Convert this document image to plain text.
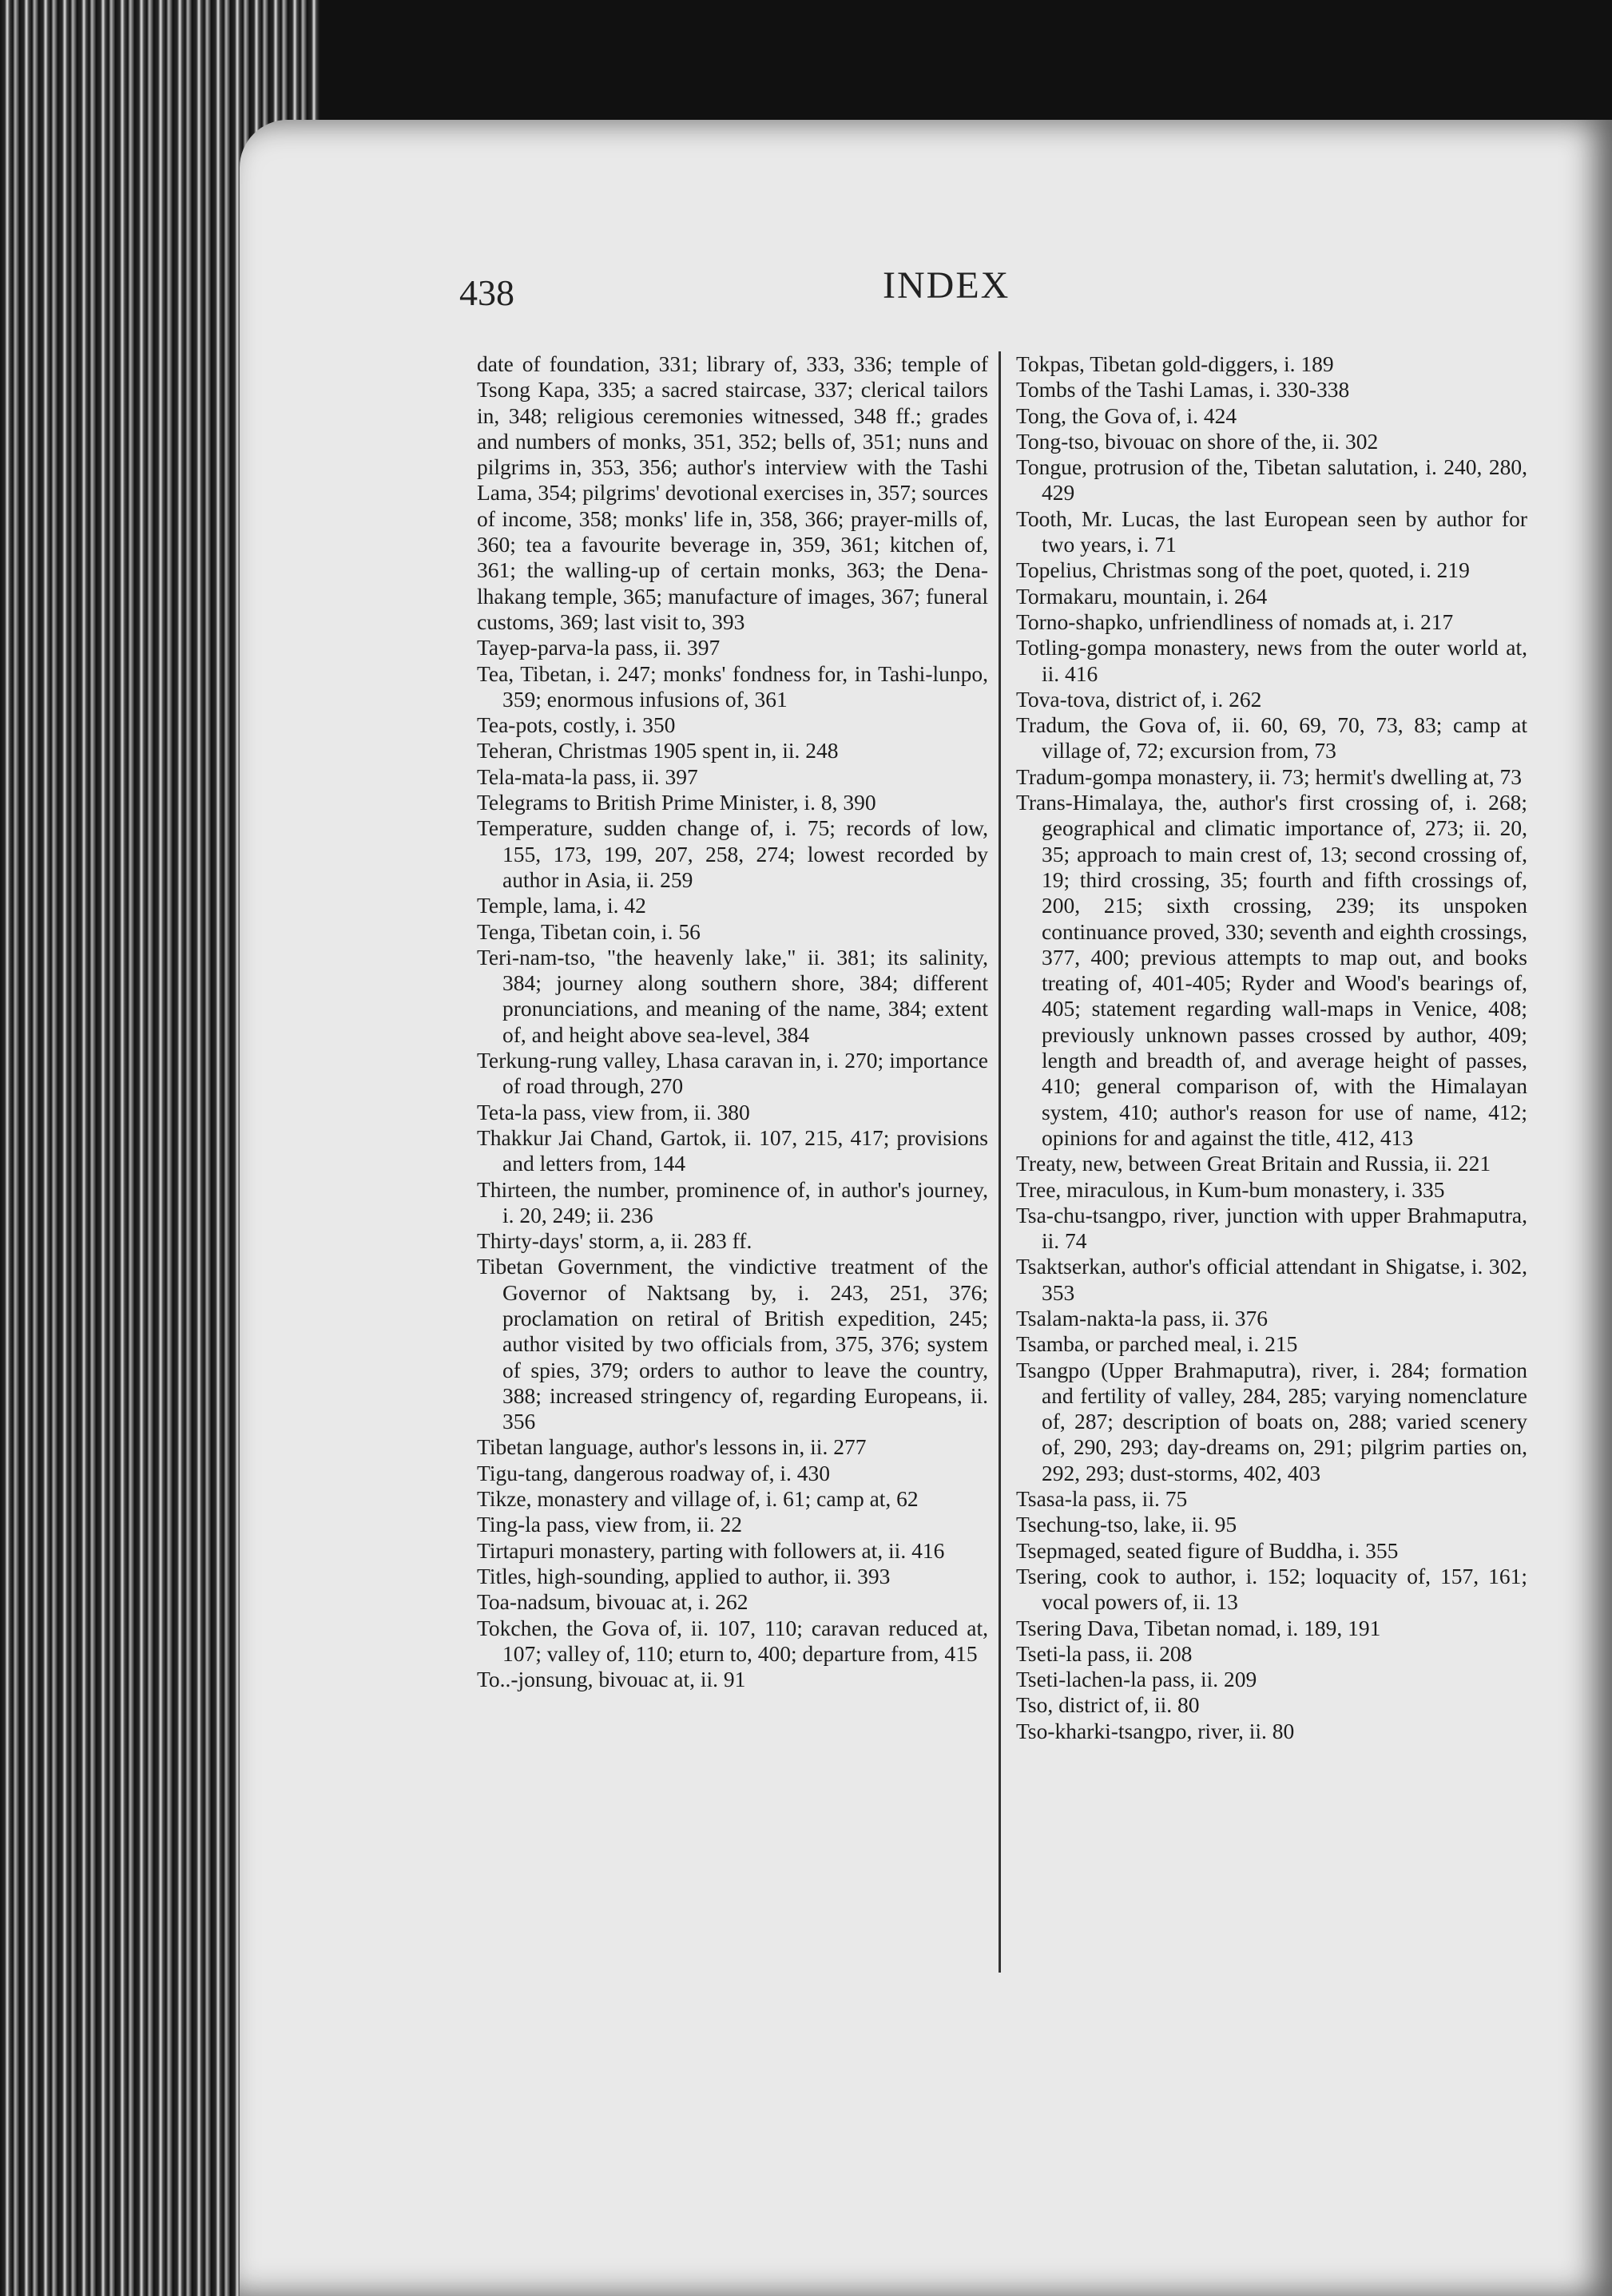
438	INDEX

date of foundation, 331; library of, 333, 336; temple of Tsong Kapa, 335; a sacred staircase, 337; clerical tailors in, 348; religious ceremonies witnessed, 348 ff.; grades and numbers of monks, 351, 352; bells of, 351; nuns and pilgrims in, 353, 356; author's interview with the Tashi Lama, 354; pilgrims' devotional exercises in, 357; sources of income, 358; monks' life in, 358, 366; prayer-mills of, 360; tea a favourite beverage in, 359, 361; kitchen of, 361; the walling-up of certain monks, 363; the Dena-lhakang temple, 365; manufacture of images, 367; funeral customs, 369; last visit to, 393

Tayep-parva-la pass, ii. 397

Tea, Tibetan, i. 247; monks' fondness for, in Tashi-lunpo, 359; enormous infusions of, 361

Tea-pots, costly, i. 350

Teheran, Christmas 1905 spent in, ii. 248

Tela-mata-la pass, ii. 397

Telegrams to British Prime Minister, i. 8, 390

Temperature, sudden change of, i. 75; records of low, 155, 173, 199, 207, 258, 274; lowest recorded by author in Asia, ii. 259

Temple, lama, i. 42

Tenga, Tibetan coin, i. 56

Teri-nam-tso, "the heavenly lake," ii. 381; its salinity, 384; journey along southern shore, 384; different pronunciations, and meaning of the name, 384; extent of, and height above sea-level, 384

Terkung-rung valley, Lhasa caravan in, i. 270; importance of road through, 270

Teta-la pass, view from, ii. 380

Thakkur Jai Chand, Gartok, ii. 107, 215, 417; provisions and letters from, 144

Thirteen, the number, prominence of, in author's journey, i. 20, 249; ii. 236

Thirty-days' storm, a, ii. 283 ff.

Tibetan Government, the vindictive treatment of the Governor of Naktsang by, i. 243, 251, 376; proclamation on retiral of British expedition, 245; author visited by two officials from, 375, 376; system of spies, 379; orders to author to leave the country, 388; increased stringency of, regarding Europeans, ii. 356

Tibetan language, author's lessons in, ii. 277

Tigu-tang, dangerous roadway of, i. 430

Tikze, monastery and village of, i. 61; camp at, 62

Ting-la pass, view from, ii. 22

Tirtapuri monastery, parting with followers at, ii. 416

Titles, high-sounding, applied to author, ii. 393

Toa-nadsum, bivouac at, i. 262

Tokchen, the Gova of, ii. 107, 110; caravan reduced at, 107; valley of, 110; eturn to, 400; departure from, 415

To..-jonsung, bivouac at, ii. 91

Tokpas, Tibetan gold-diggers, i. 189

Tombs of the Tashi Lamas, i. 330-338

Tong, the Gova of, i. 424

Tong-tso, bivouac on shore of the, ii. 302

Tongue, protrusion of the, Tibetan salutation, i. 240, 280, 429

Tooth, Mr. Lucas, the last European seen by author for two years, i. 71

Topelius, Christmas song of the poet, quoted, i. 219

Tormakaru, mountain, i. 264

Torno-shapko, unfriendliness of nomads at, i. 217

Totling-gompa monastery, news from the outer world at, ii. 416

Tova-tova, district of, i. 262

Tradum, the Gova of, ii. 60, 69, 70, 73, 83; camp at village of, 72; excursion from, 73

Tradum-gompa monastery, ii. 73; hermit's dwelling at, 73

Trans-Himalaya, the, author's first crossing of, i. 268; geographical and climatic importance of, 273; ii. 20, 35; approach to main crest of, 13; second crossing of, 19; third crossing, 35; fourth and fifth crossings of, 200, 215; sixth crossing, 239; its unspoken continuance proved, 330; seventh and eighth crossings, 377, 400; previous attempts to map out, and books treating of, 401-405; Ryder and Wood's bearings of, 405; statement regarding wall-maps in Venice, 408; previously unknown passes crossed by author, 409; length and breadth of, and average height of passes, 410; general comparison of, with the Himalayan system, 410; author's reason for use of name, 412; opinions for and against the title, 412, 413

Treaty, new, between Great Britain and Russia, ii. 221

Tree, miraculous, in Kum-bum monastery, i. 335

Tsa-chu-tsangpo, river, junction with upper Brahmaputra, ii. 74

Tsaktserkan, author's official attendant in Shigatse, i. 302, 353

Tsalam-nakta-la pass, ii. 376

Tsamba, or parched meal, i. 215

Tsangpo (Upper Brahmaputra), river, i. 284; formation and fertility of valley, 284, 285; varying nomenclature of, 287; description of boats on, 288; varied scenery of, 290, 293; day-dreams on, 291; pilgrim parties on, 292, 293; dust-storms, 402, 403

Tsasa-la pass, ii. 75

Tsechung-tso, lake, ii. 95

Tsepmaged, seated figure of Buddha, i. 355

Tsering, cook to author, i. 152; loquacity of, 157, 161; vocal powers of, ii. 13

Tsering Dava, Tibetan nomad, i. 189, 191

Tseti-la pass, ii. 208

Tseti-lachen-la pass, ii. 209

Tso, district of, ii. 80

Tso-kharki-tsangpo, river, ii. 80
